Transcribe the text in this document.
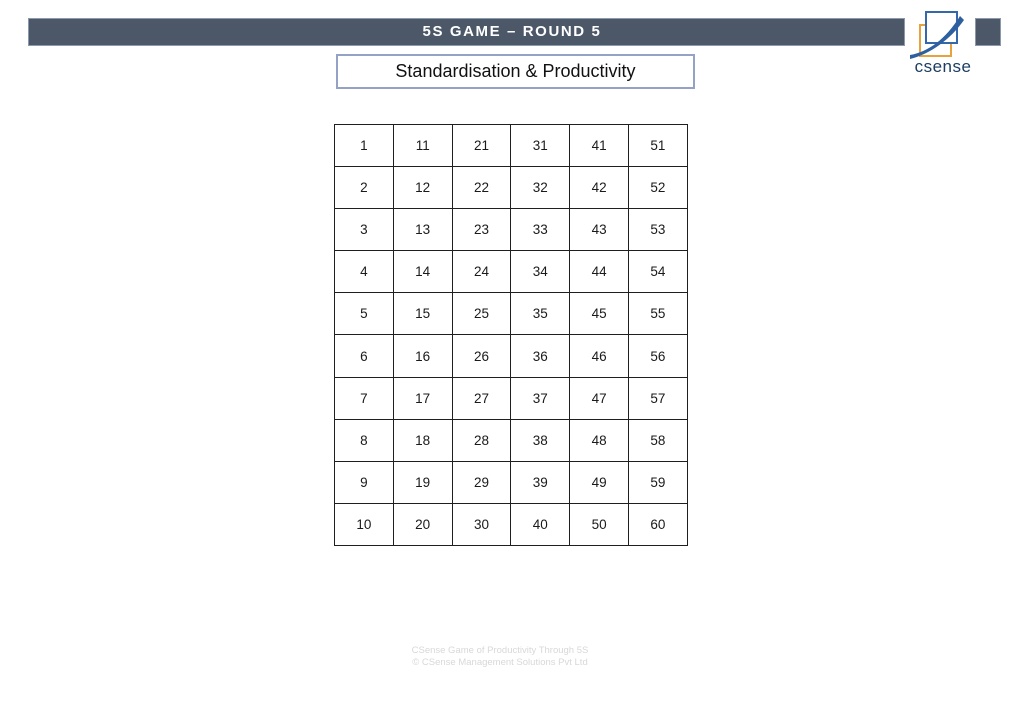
5S GAME – ROUND 5
csense
Standardisation & Productivity
1	11	21	31	41	51
2	12	22	32	42	52
3	13	23	33	43	53
4	14	24	34	44	54
5	15	25	35	45	55
6	16	26	36	46	56
7	17	27	37	47	57
8	18	28	38	48	58
9	19	29	39	49	59
10	20	30	40	50	60
CSense Game of Productivity Through 5S
© CSense Management Solutions Pvt Ltd
